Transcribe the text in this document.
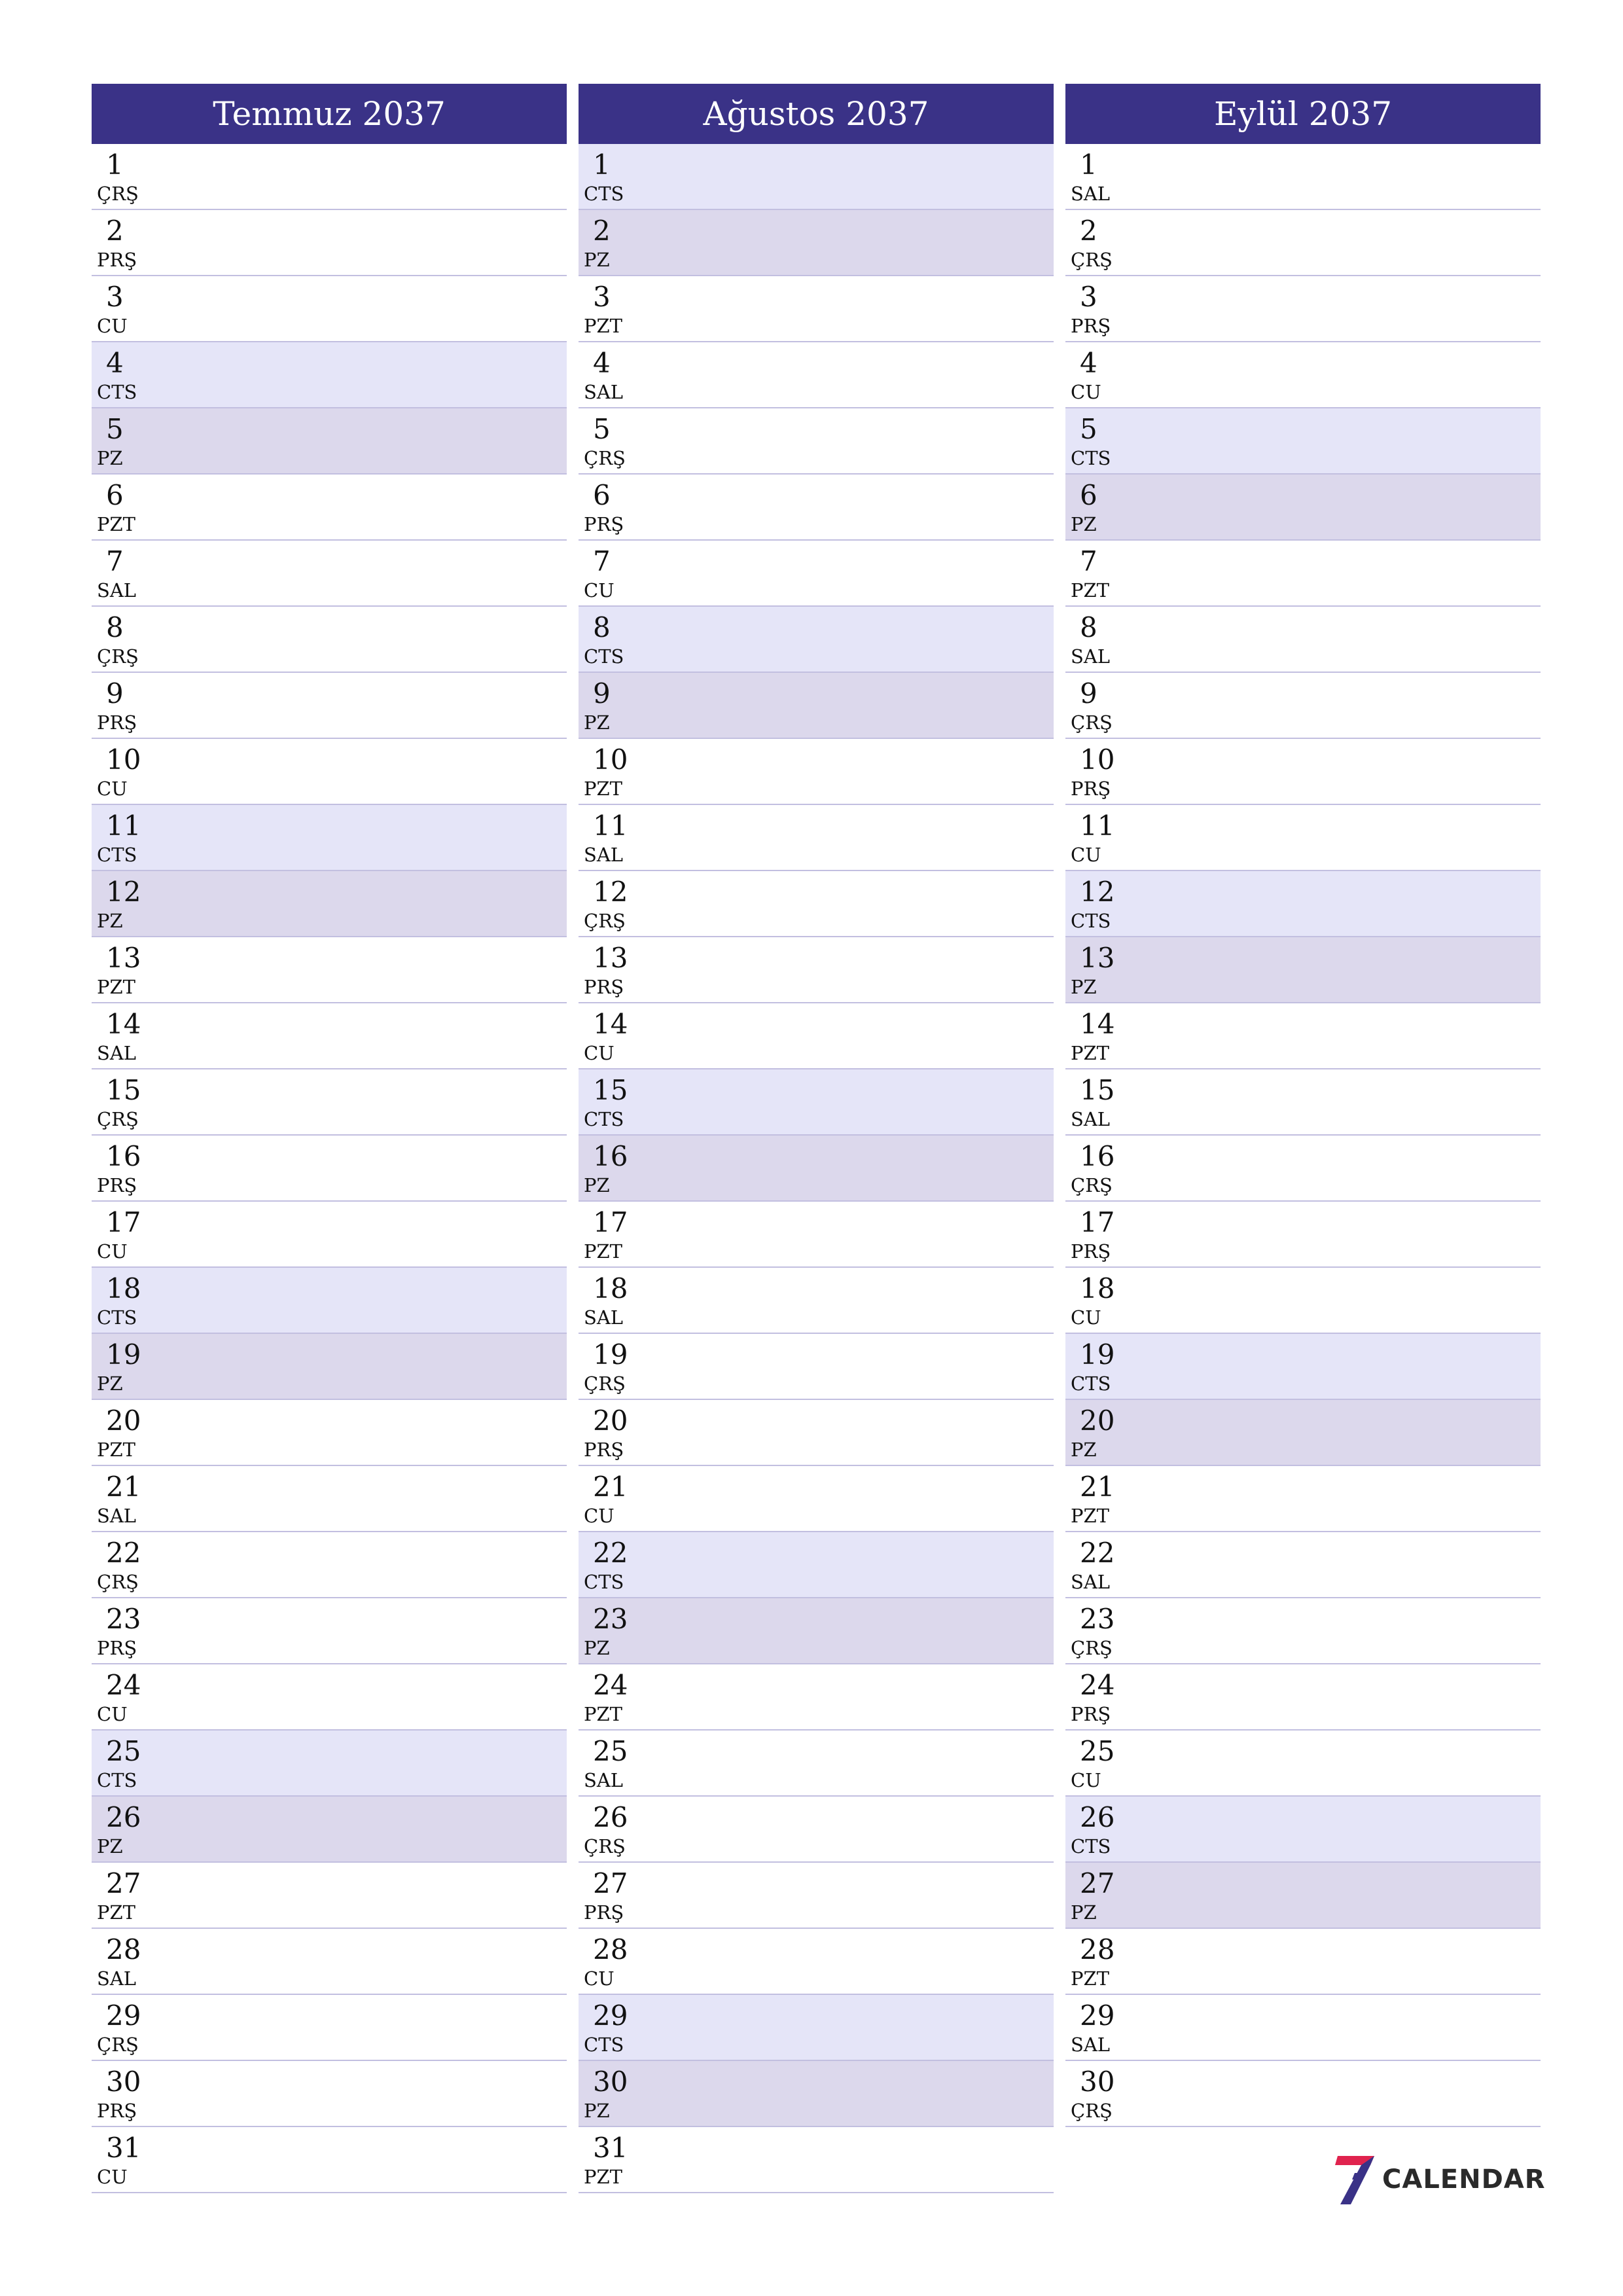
Temmuz 2037
1
ÇRŞ
2
PRŞ
3
CU
4
CTS
5
PZ
6
PZT
7
SAL
8
ÇRŞ
9
PRŞ
10
CU
11
CTS
12
PZ
13
PZT
14
SAL
15
ÇRŞ
16
PRŞ
17
CU
18
CTS
19
PZ
20
PZT
21
SAL
22
ÇRŞ
23
PRŞ
24
CU
25
CTS
26
PZ
27
PZT
28
SAL
29
ÇRŞ
30
PRŞ
31
CU
Ağustos 2037
1
CTS
2
PZ
3
PZT
4
SAL
5
ÇRŞ
6
PRŞ
7
CU
8
CTS
9
PZ
10
PZT
11
SAL
12
ÇRŞ
13
PRŞ
14
CU
15
CTS
16
PZ
17
PZT
18
SAL
19
ÇRŞ
20
PRŞ
21
CU
22
CTS
23
PZ
24
PZT
25
SAL
26
ÇRŞ
27
PRŞ
28
CU
29
CTS
30
PZ
31
PZT
Eylül 2037
1
SAL
2
ÇRŞ
3
PRŞ
4
CU
5
CTS
6
PZ
7
PZT
8
SAL
9
ÇRŞ
10
PRŞ
11
CU
12
CTS
13
PZ
14
PZT
15
SAL
16
ÇRŞ
17
PRŞ
18
CU
19
CTS
20
PZ
21
PZT
22
SAL
23
ÇRŞ
24
PRŞ
25
CU
26
CTS
27
PZ
28
PZT
29
SAL
30
ÇRŞ
CALENDAR
